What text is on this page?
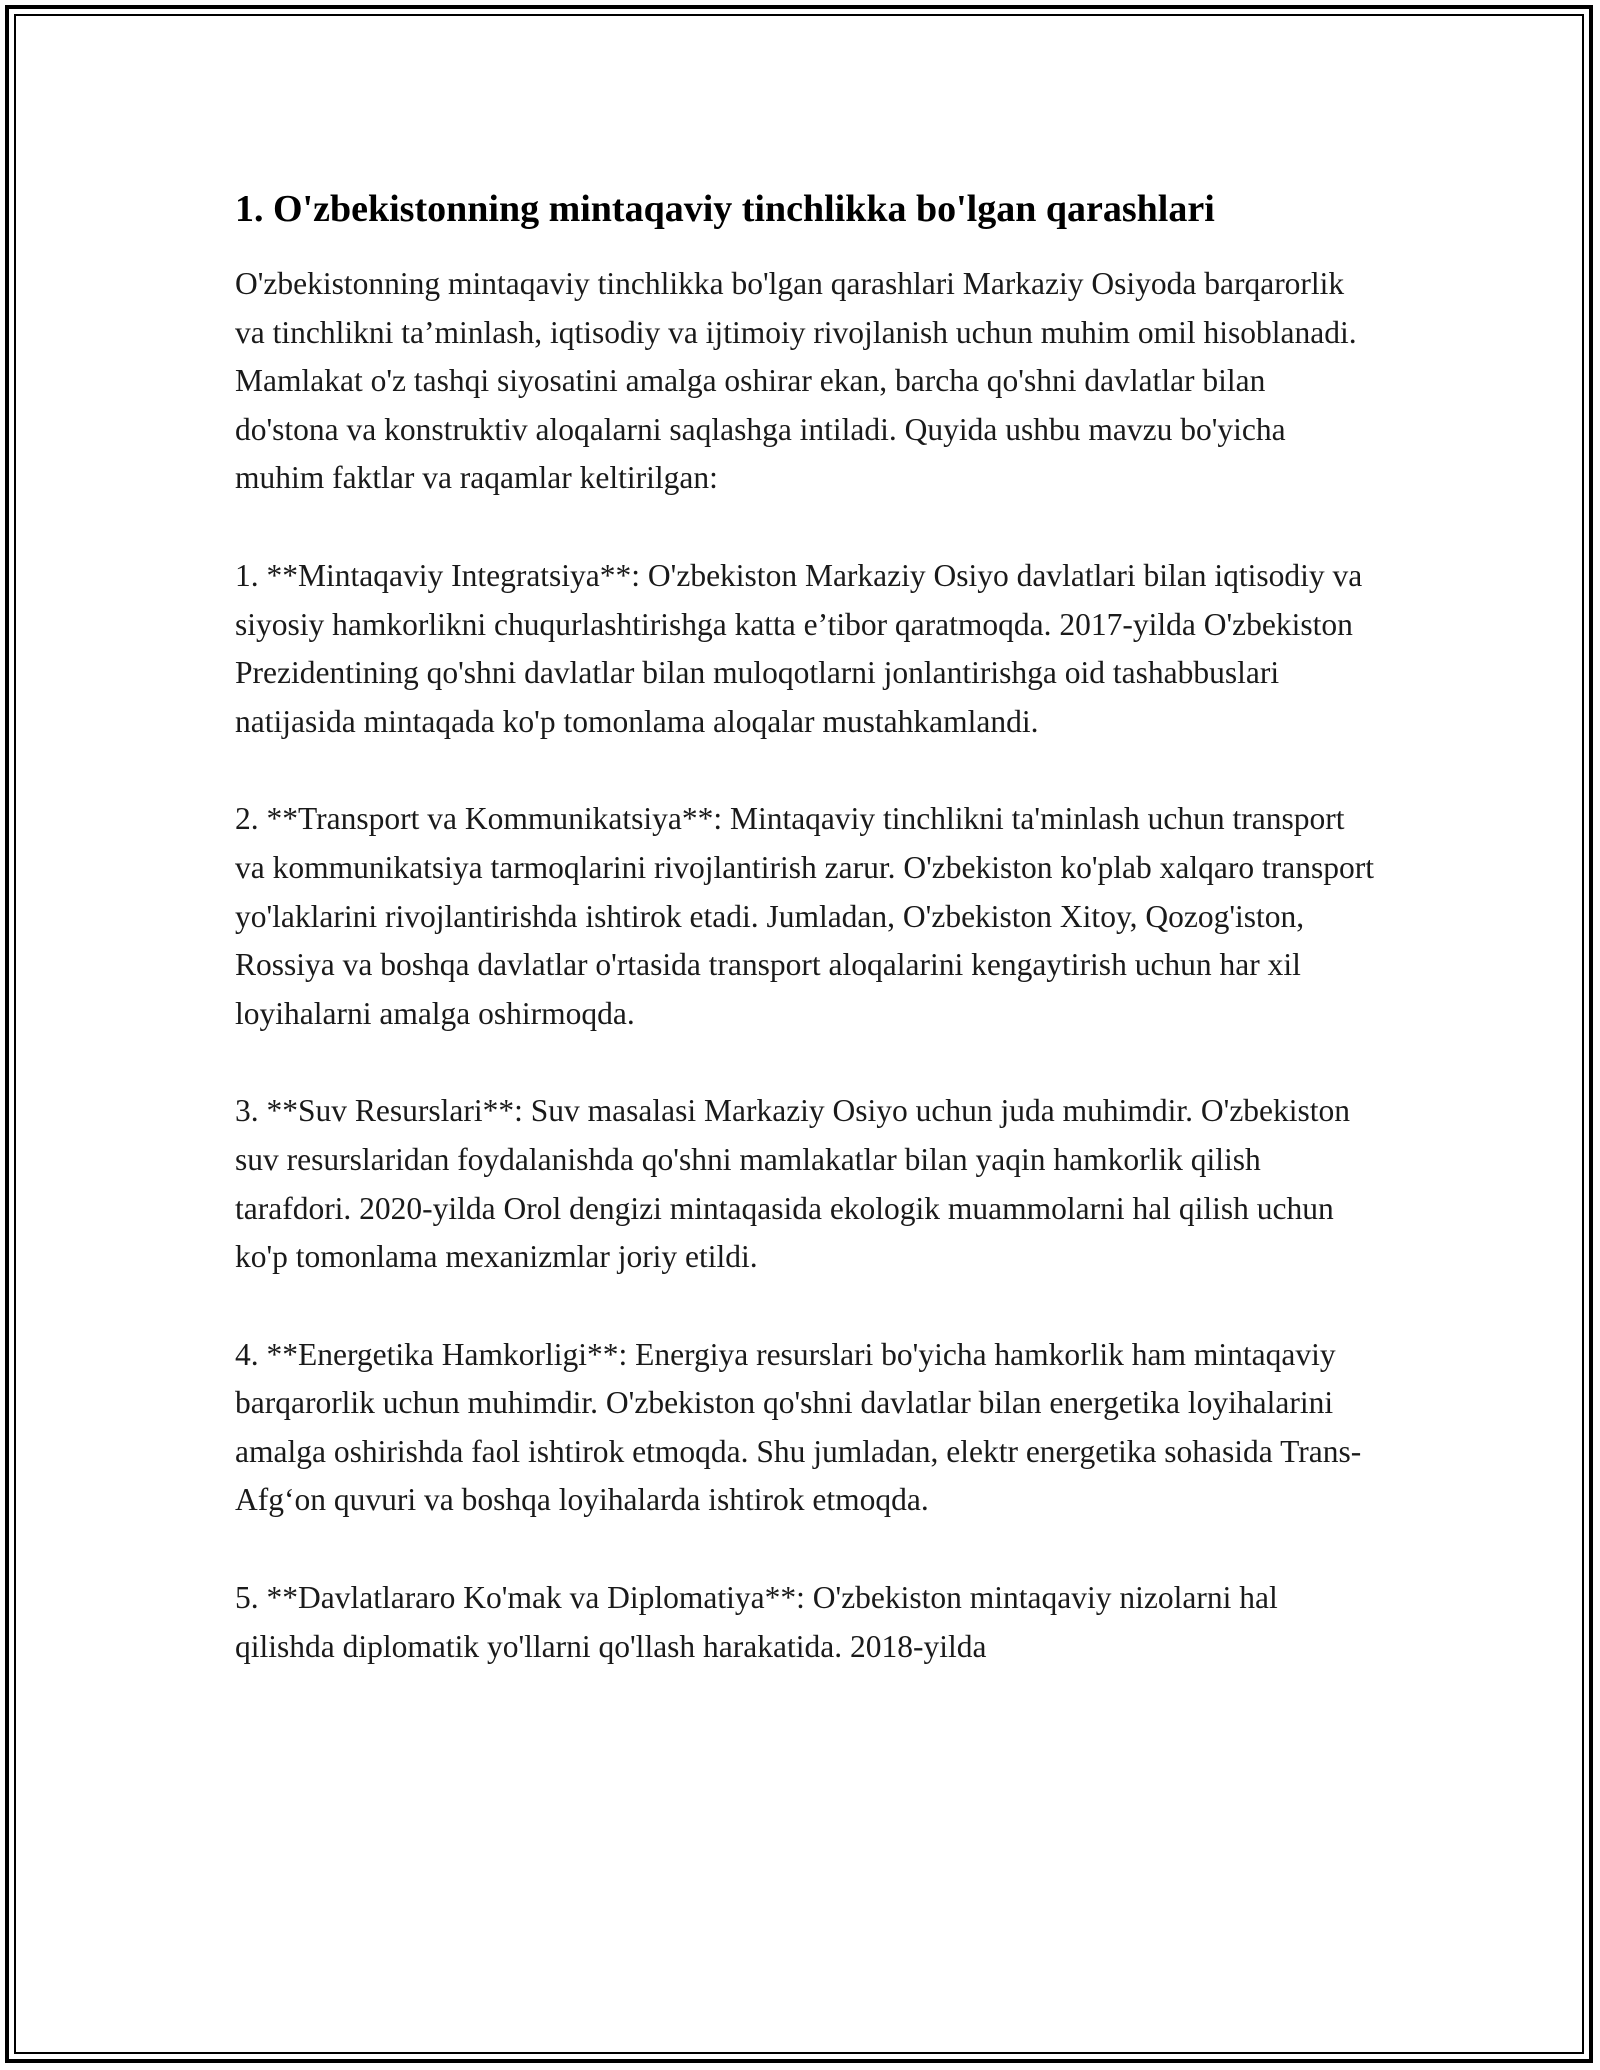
1. O'zbekistonning mintaqaviy tinchlikka bo'lgan qarashlari

O'zbekistonning mintaqaviy tinchlikka bo'lgan qarashlari Markaziy Osiyoda barqarorlik va tinchlikni ta’minlash, iqtisodiy va ijtimoiy rivojlanish uchun muhim omil hisoblanadi. Mamlakat o'z tashqi siyosatini amalga oshirar ekan, barcha qo'shni davlatlar bilan do'stona va konstruktiv aloqalarni saqlashga intiladi. Quyida ushbu mavzu bo'yicha muhim faktlar va raqamlar keltirilgan:

1. **Mintaqaviy Integratsiya**: O'zbekiston Markaziy Osiyo davlatlari bilan iqtisodiy va siyosiy hamkorlikni chuqurlashtirishga katta e’tibor qaratmoqda. 2017-yilda O'zbekiston Prezidentining qo'shni davlatlar bilan muloqotlarni jonlantirishga oid tashabbuslari natijasida mintaqada ko'p tomonlama aloqalar mustahkamlandi.

2. **Transport va Kommunikatsiya**: Mintaqaviy tinchlikni ta'minlash uchun transport va kommunikatsiya tarmoqlarini rivojlantirish zarur. O'zbekiston ko'plab xalqaro transport yo'laklarini rivojlantirishda ishtirok etadi. Jumladan, O'zbekiston Xitoy, Qozog'iston, Rossiya va boshqa davlatlar o'rtasida transport aloqalarini kengaytirish uchun har xil loyihalarni amalga oshirmoqda.

3. **Suv Resurslari**: Suv masalasi Markaziy Osiyo uchun juda muhimdir. O'zbekiston suv resurslaridan foydalanishda qo'shni mamlakatlar bilan yaqin hamkorlik qilish tarafdori. 2020-yilda Orol dengizi mintaqasida ekologik muammolarni hal qilish uchun ko'p tomonlama mexanizmlar joriy etildi.

4. **Energetika Hamkorligi**: Energiya resurslari bo'yicha hamkorlik ham mintaqaviy barqarorlik uchun muhimdir. O'zbekiston qo'shni davlatlar bilan energetika loyihalarini amalga oshirishda faol ishtirok etmoqda. Shu jumladan, elektr energetika sohasida Trans-Afg‘on quvuri va boshqa loyihalarda ishtirok etmoqda.

5. **Davlatlararo Ko'mak va Diplomatiya**: O'zbekiston mintaqaviy nizolarni hal qilishda diplomatik yo'llarni qo'llash harakatida. 2018-yilda
